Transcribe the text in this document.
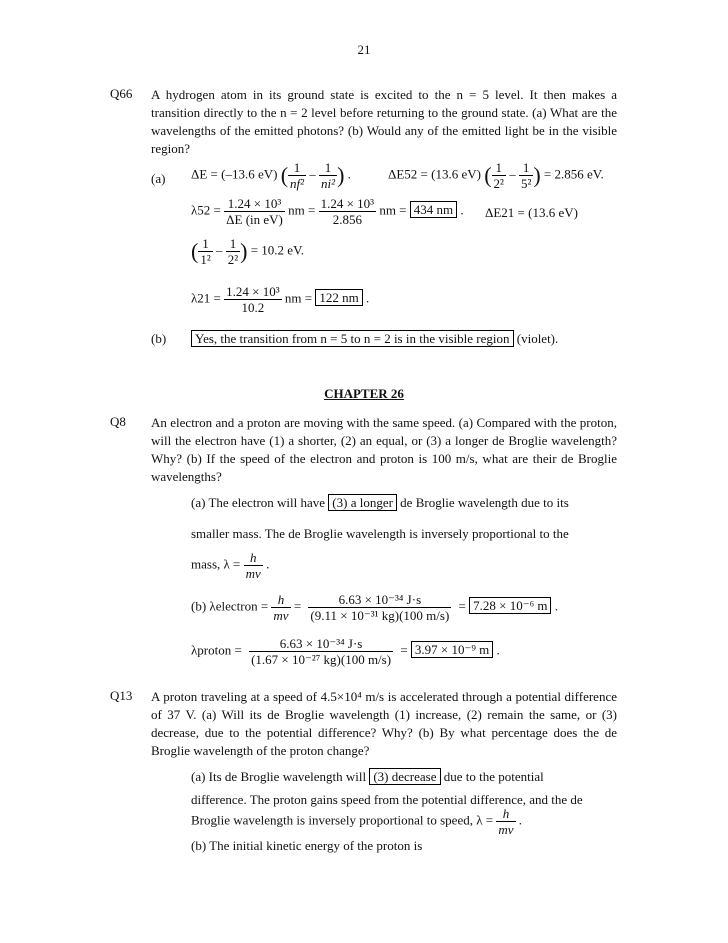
21
Q66 A hydrogen atom in its ground state is excited to the n = 5 level. It then makes a transition directly to the n = 2 level before returning to the ground state. (a) What are the wavelengths of the emitted photons? (b) Would any of the emitted light be in the visible region?
(a) ΔE = (–13.6 eV) ( $\frac{1}{\text{nf²}} - \frac{1}{\text{ni²}}$ ) .	ΔE52 = (13.6 eV) ( $\frac{1}{\text{2²}} - \frac{1}{\text{5²}}$ ) = 2.856 eV.
$\lambda 52 = \frac{\text{1.24 × 10³}}{\text{ΔE (in eV)}}$ nm = $\frac{\text{1.24 × 10³}}{2.856}$ nm = 434 nm . ΔE21 = (13.6 eV)
( $\frac{1}{\text{1²}} - \frac{1}{\text{2²}}$ ) = 10.2 eV.
$\lambda 21 = \frac{\text{1.24 × 10³}}{10.2}$ nm = 122 nm .
(b)	Yes, the transition from n = 5 to n = 2 is in the visible region (violet).
CHAPTER 26
Q8 An electron and a proton are moving with the same speed. (a) Compared with the proton, will the electron have (1) a shorter, (2) an equal, or (3) a longer de Broglie wavelength? Why? (b) If the speed of the electron and proton is 100 m/s, what are their de Broglie wavelengths?
(a) The electron will have (3) a longer de Broglie wavelength due to its
smaller mass. The de Broglie wavelength is inversely proportional to the
mass, $\lambda = \frac{h}{mv}$ .
(b) λelectron = $\frac{h}{mv} = \frac{\text{6.63 × 10⁻³⁴ J·s}}{\text{(9.11 × 10⁻³¹ kg)(100 m/s)}} = 7.28 \times 10^{-6}$ m .
λproton = $\frac{\text{6.63 × 10⁻³⁴ J·s}}{\text{(1.67 × 10⁻²⁷ kg)(100 m/s)}} = 3.97 \times 10^{-9}$ m .
Q13 A proton traveling at a speed of 4.5×10⁴ m/s is accelerated through a potential difference of 37 V. (a) Will its de Broglie wavelength (1) increase, (2) remain the same, or (3) decrease, due to the potential difference? Why? (b) By what percentage does the de Broglie wavelength of the proton change?
(a) Its de Broglie wavelength will (3) decrease due to the potential
difference. The proton gains speed from the potential difference, and the de
Broglie wavelength is inversely proportional to speed, $\lambda = \frac{h}{mv}$ .
(b) The initial kinetic energy of the proton is
